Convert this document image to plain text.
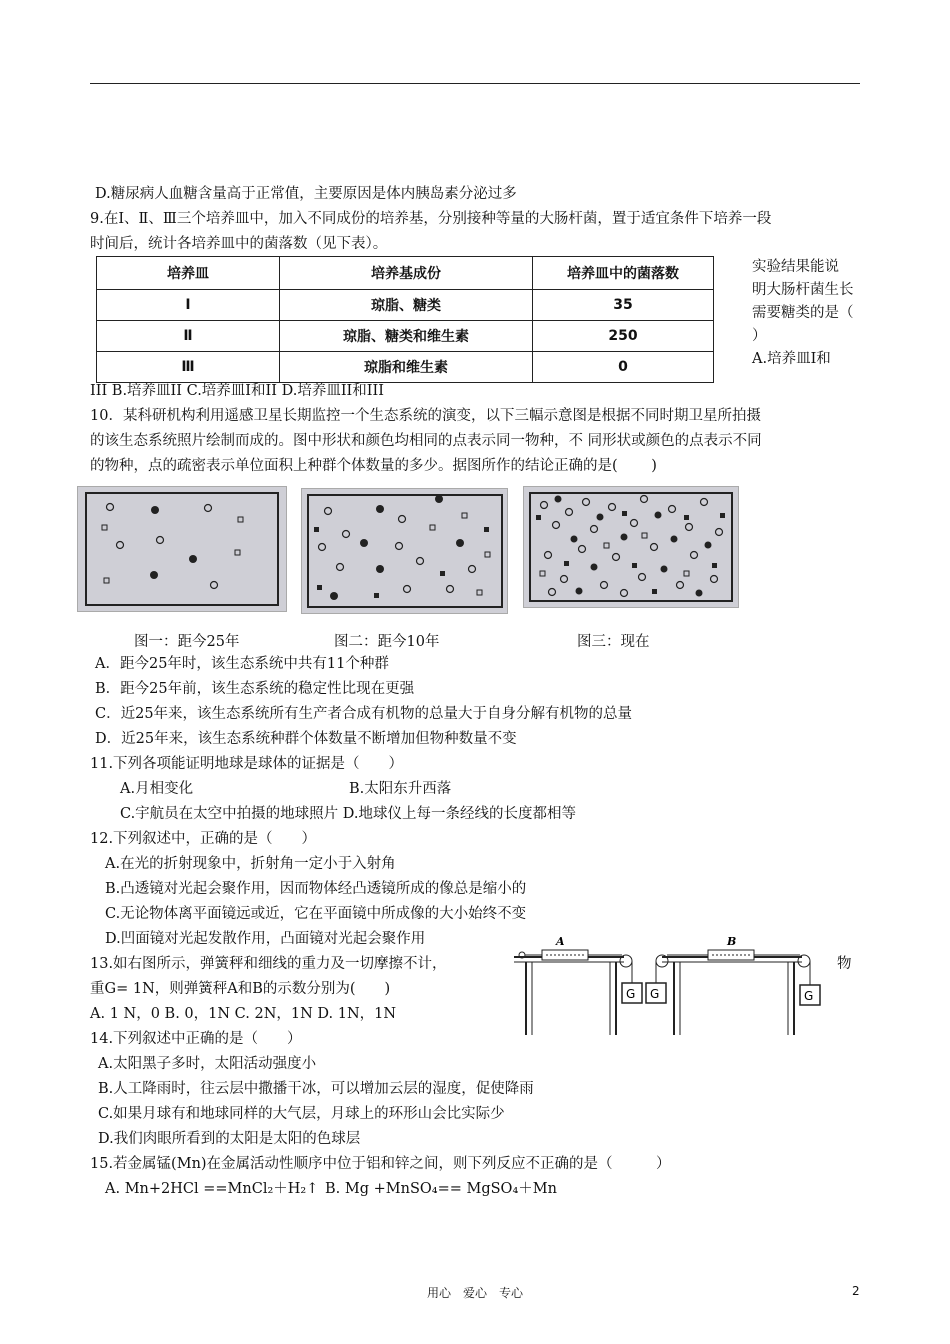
D.糖尿病人血糖含量高于正常值，主要原因是体内胰岛素分泌过多
9.在Ⅰ、Ⅱ、Ⅲ三个培养皿中，加入不同成份的培养基，分别接种等量的大肠杆菌，置于适宜条件下培养一段
时间后，统计各培养皿中的菌落数（见下表）。
培养皿	培养基成份	培养皿中的菌落数
Ⅰ	琼脂、糖类	35
Ⅱ	琼脂、糖类和维生素	250
Ⅲ	琼脂和维生素	0
实验结果能说
明大肠杆菌生长
需要糖类的是（
）
A.培养皿Ⅰ和
III B.培养皿II C.培养皿Ⅰ和II D.培养皿II和III
10．某科研机构利用遥感卫星长期监控一个生态系统的演变，以下三幅示意图是根据不同时期卫星所拍摄
的该生态系统照片绘制而成的。图中形状和颜色均相同的点表示同一物种，不 同形状或颜色的点表示不同
的物种，点的疏密表示单位面积上种群个体数量的多少。据图所作的结论正确的是(　　 )
图一：距今25年	图二：距今10年	图三：现在
A．距今25年时，该生态系统中共有11个种群
B．距今25年前，该生态系统的稳定性比现在更强
C．近25年来，该生态系统所有生产者合成有机物的总量大于自身分解有机物的总量
D．近25年来，该生态系统种群个体数量不断增加但物种数量不变
11.下列各项能证明地球是球体的证据是（　　）
A.月相变化	B.太阳东升西落
C.宇航员在太空中拍摄的地球照片 D.地球仪上每一条经线的长度都相等
12.下列叙述中，正确的是（　　）
A.在光的折射现象中，折射角一定小于入射角
B.凸透镜对光起会聚作用，因而物体经凸透镜所成的像总是缩小的
C.无论物体离平面镜远或近，它在平面镜中所成像的大小始终不变
D.凹面镜对光起发散作用，凸面镜对光起会聚作用	A
G G
B
G
13.如右图所示，弹簧秤和细线的重力及一切摩擦不计，	物
重G= 1N，则弹簧秤A和B的示数分别为(　　)
A. 1 N，0 B. 0，1N C. 2N，1N D. 1N，1N
14.下列叙述中正确的是（　　）
A.太阳黑子多时，太阳活动强度小
B.人工降雨时，往云层中撒播干冰，可以增加云层的湿度，促使降雨
C.如果月球有和地球同样的大气层，月球上的环形山会比实际少
D.我们肉眼所看到的太阳是太阳的色球层
15.若金属锰(Mn)在金属活动性顺序中位于铝和锌之间，则下列反应不正确的是（　　　）
A. Mn+2HCl ==MnCl₂＋H₂↑ B. Mg +MnSO₄== MgSO₄＋Mn
用心　爱心　专心	2
